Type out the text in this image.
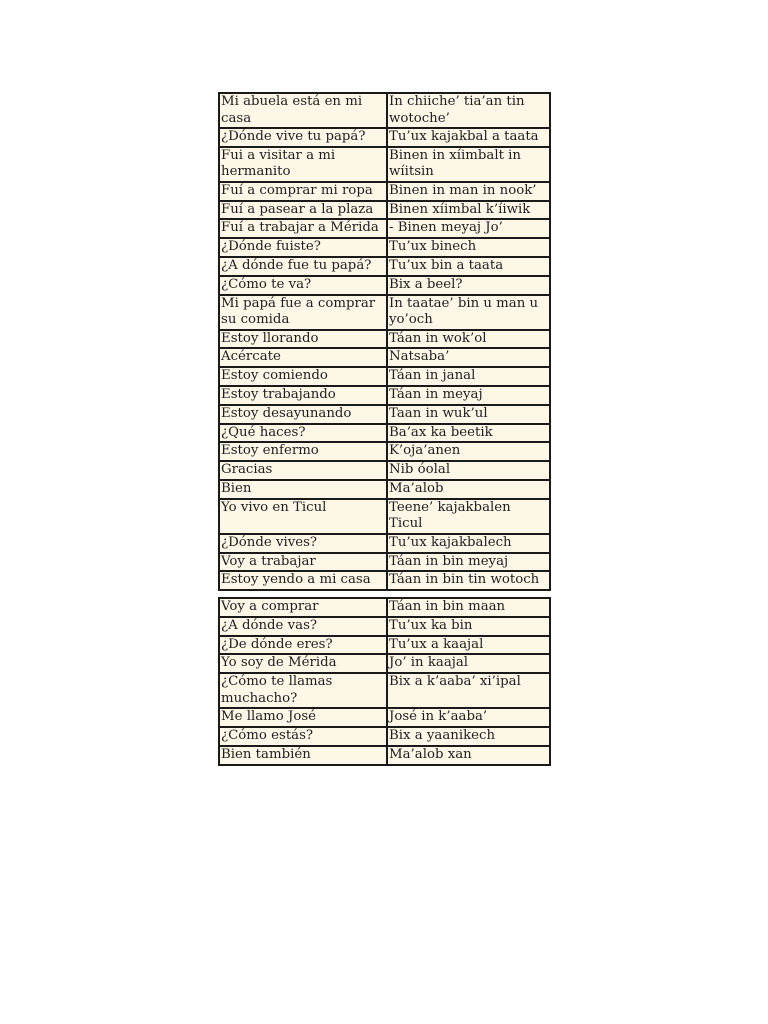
Mi abuela está en mi casa	In chiiche’ tia’an tin wotoche’
¿Dónde vive tu papá?	Tu’ux kajakbal a taata
Fui a visitar a mi hermanito	Binen in xíimbalt in wíitsin
Fuí a comprar mi ropa	Binen in man in nook’
Fuí a pasear a la plaza	Binen xíimbal k’íiwik
Fuí a trabajar a Mérida	- Binen meyaj Jo’
¿Dónde fuiste?	Tu’ux binech
¿A dónde fue tu papá?	Tu’ux bin a taata
¿Cómo te va?	Bix a beel?
Mi papá fue a comprar su comida	In taatae’ bin u man u yo’och
Estoy llorando	Táan in wok’ol
Acércate	Natsaba’
Estoy comiendo	Táan in janal
Estoy trabajando	Táan in meyaj
Estoy desayunando	Taan in wuk’ul
¿Qué haces?	Ba’ax ka beetik
Estoy enfermo	K’oja’anen
Gracias	Nib óolal
Bien	Ma’alob
Yo vivo en Ticul	Teene’ kajakbalen Ticul
¿Dónde vives?	Tu’ux kajakbalech
Voy a trabajar	Táan in bin meyaj
Estoy yendo a mi casa	Táan in bin tin wotoch
Voy a comprar	Táan in bin maan
¿A dónde vas?	Tu’ux ka bin
¿De dónde eres?	Tu’ux a kaajal
Yo soy de Mérida	Jo’ in kaajal
¿Cómo te llamas muchacho?	Bix a k’aaba’ xi’ipal
Me llamo José	José in k’aaba’
¿Cómo estás?	Bix a yaanikech
Bien también	Ma’alob xan
